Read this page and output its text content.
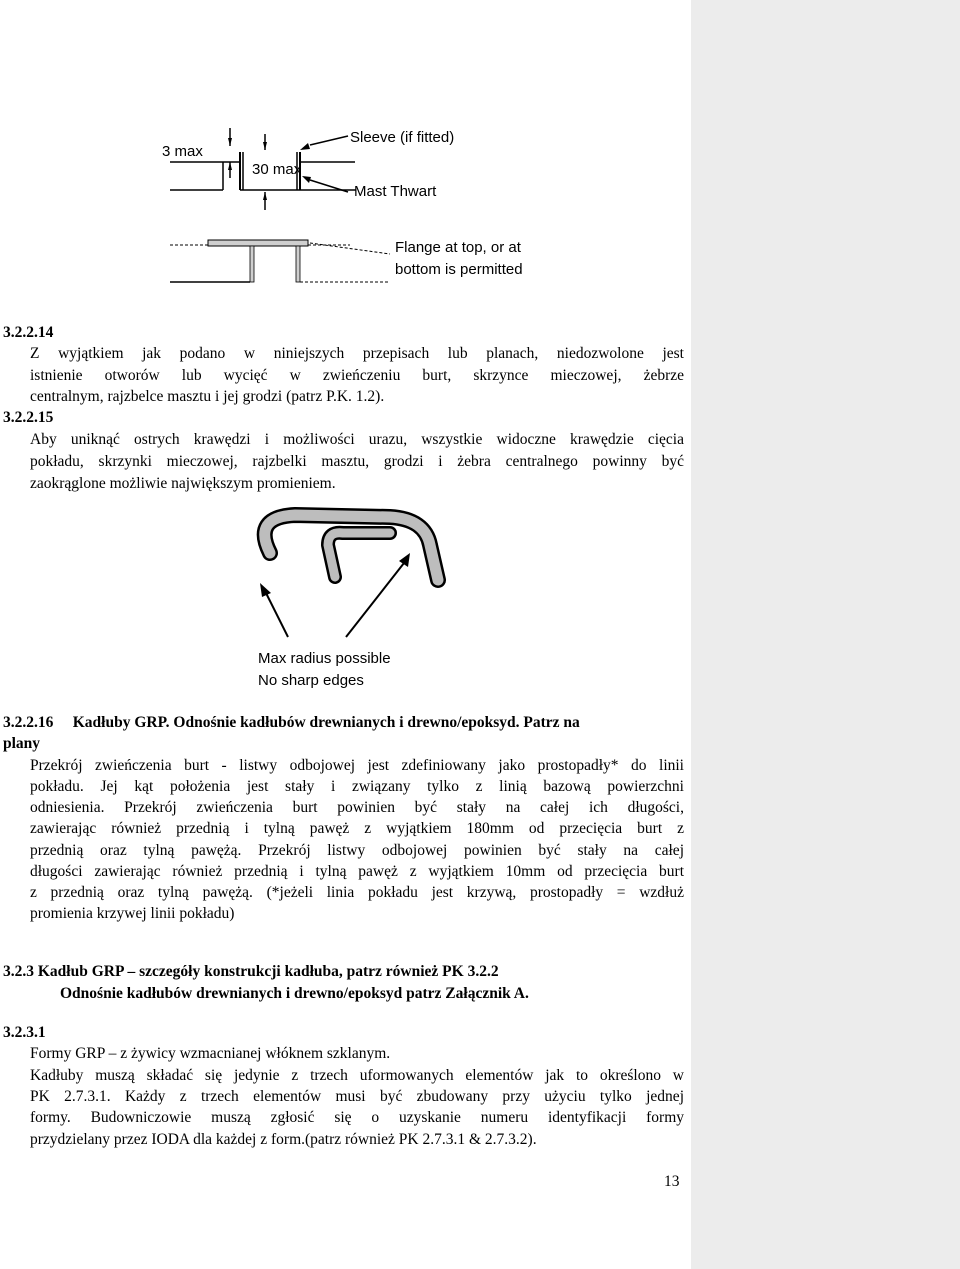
3 max
30 max
Sleeve (if fitted)
Mast Thwart
Flange at top, or at
bottom is permitted
3.2.2.14
Z wyjątkiem jak podano w niniejszych przepisach lub planach, niedozwolone jest
istnienie otworów lub wycięć w zwieńczeniu burt, skrzynce mieczowej, żebrze
centralnym, rajzbelce masztu i jej grodzi (patrz P.K. 1.2).
3.2.2.15
Aby uniknąć ostrych krawędzi i możliwości urazu, wszystkie widoczne krawędzie cięcia
pokładu, skrzynki mieczowej, rajzbelki masztu, grodzi i żebra centralnego powinny być
zaokrąglone możliwie największym promieniem.
Max radius possible
No sharp edges
3.2.2.16     Kadłuby GRP. Odnośnie kadłubów drewnianych i drewno/epoksyd. Patrz na
plany
Przekrój zwieńczenia burt - listwy odbojowej jest zdefiniowany jako prostopadły* do linii
pokładu. Jej kąt położenia jest stały i związany tylko z linią bazową powierzchni
odniesienia. Przekrój zwieńczenia burt powinien być stały na całej ich długości,
zawierając również przednią i tylną pawęż z wyjątkiem 180mm od przecięcia burt z
przednią oraz tylną pawężą. Przekrój listwy odbojowej powinien być stały na całej
długości zawierając również przednią i tylną pawęż z wyjątkiem 10mm od przecięcia burt
z przednią oraz tylną pawężą. (*jeżeli linia pokładu jest krzywą, prostopadły = wzdłuż
promienia krzywej linii pokładu)
3.2.3 Kadłub GRP – szczegóły konstrukcji kadłuba, patrz również PK 3.2.2
Odnośnie kadłubów drewnianych i drewno/epoksyd patrz Załącznik A.
3.2.3.1
Formy GRP – z żywicy wzmacnianej włóknem szklanym.
Kadłuby muszą składać się jedynie z trzech uformowanych elementów jak to określono w
PK 2.7.3.1. Każdy z trzech elementów musi być zbudowany przy użyciu tylko jednej
formy. Budowniczowie muszą zgłosić się o uzyskanie numeru identyfikacji formy
przydzielany przez IODA dla każdej z form.(patrz również PK 2.7.3.1 & 2.7.3.2).
13
